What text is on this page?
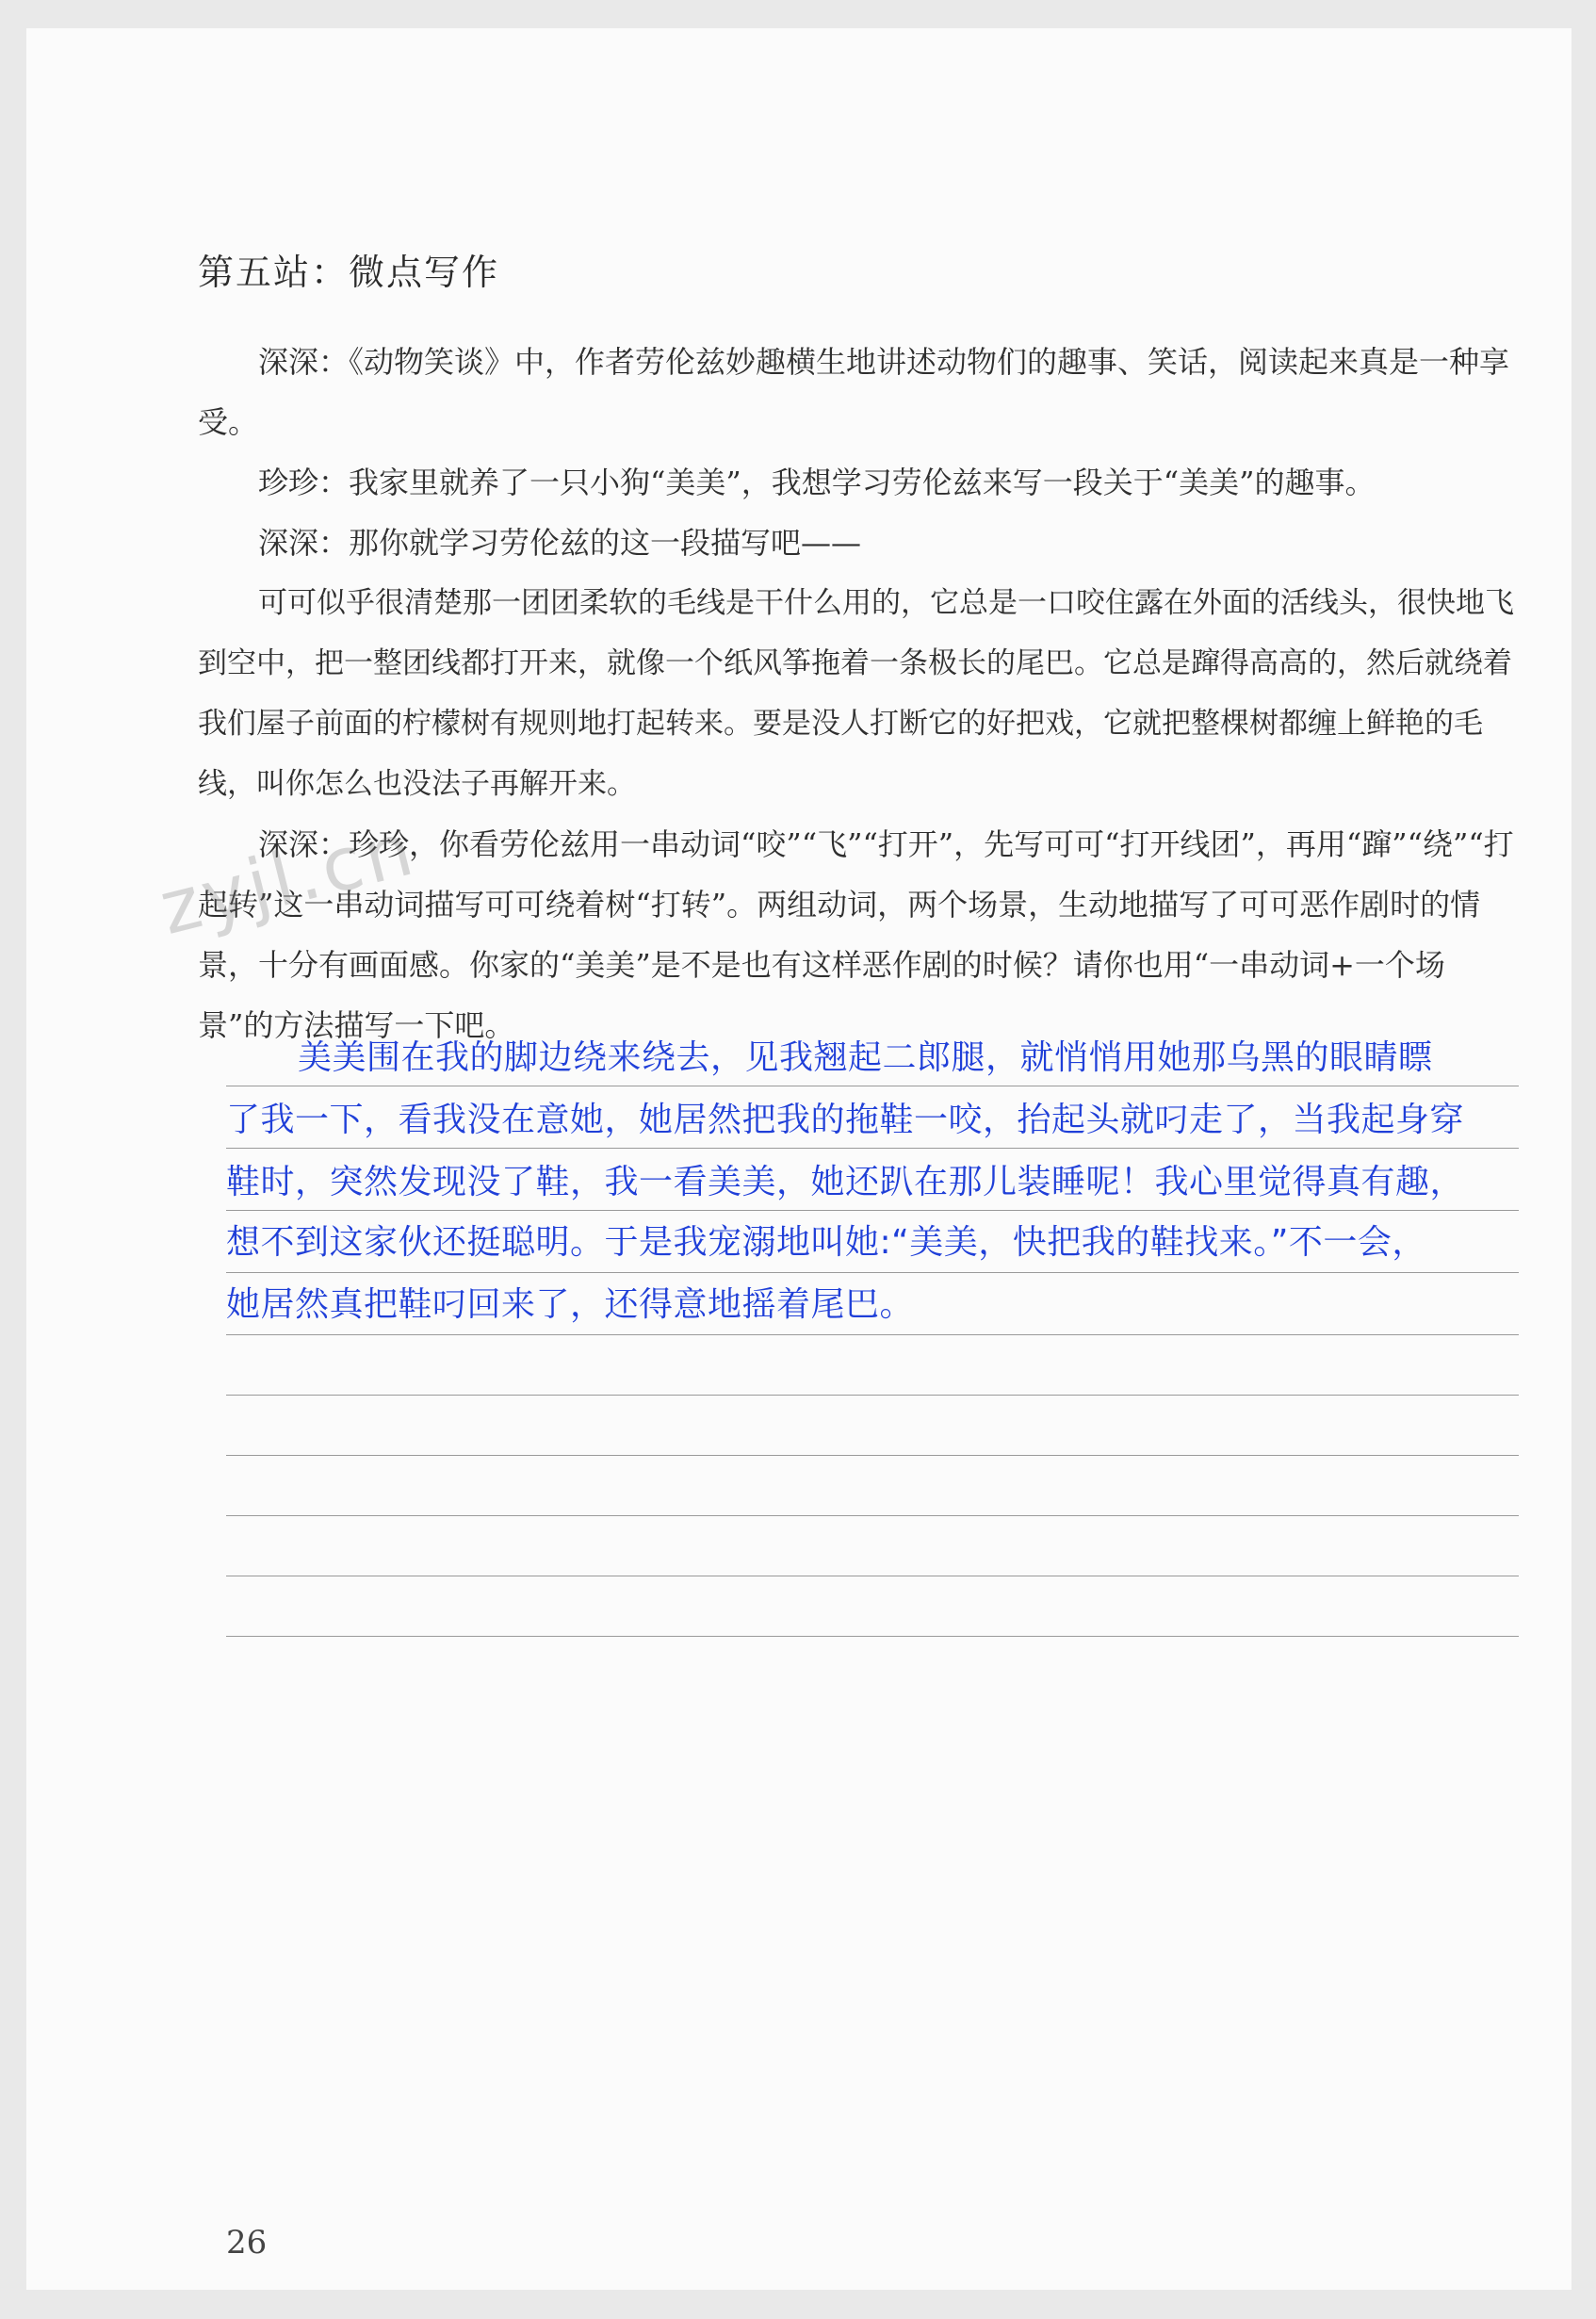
第五站：微点写作

深深：《动物笑谈》中，作者劳伦兹妙趣横生地讲述动物们的趣事、笑话，阅读起来真是一种享受。

珍珍：我家里就养了一只小狗“美美”，我想学习劳伦兹来写一段关于“美美”的趣事。

深深：那你就学习劳伦兹的这一段描写吧——

可可似乎很清楚那一团团柔软的毛线是干什么用的，它总是一口咬住露在外面的活线头，很快地飞到空中，把一整团线都打开来，就像一个纸风筝拖着一条极长的尾巴。它总是蹿得高高的，然后就绕着我们屋子前面的柠檬树有规则地打起转来。要是没人打断它的好把戏，它就把整棵树都缠上鲜艳的毛线，叫你怎么也没法子再解开来。

深深：珍珍，你看劳伦兹用一串动词“咬”“飞”“打开”，先写可可“打开线团”，再用“蹿”“绕”“打起转”这一串动词描写可可绕着树“打转”。两组动词，两个场景，生动地描写了可可恶作剧时的情景，十分有画面感。你家的“美美”是不是也有这样恶作剧的时候？请你也用“一串动词+一个场景”的方法描写一下吧。

zyjl.cn
美美围在我的脚边绕来绕去，见我翘起二郎腿，就悄悄用她那乌黑的眼睛瞟
了我一下，看我没在意她，她居然把我的拖鞋一咬，抬起头就叼走了，当我起身穿
鞋时，突然发现没了鞋，我一看美美，她还趴在那儿装睡呢！我心里觉得真有趣，
想不到这家伙还挺聪明。于是我宠溺地叫她:“美美，快把我的鞋找来。”不一会，
她居然真把鞋叼回来了，还得意地摇着尾巴。
26
